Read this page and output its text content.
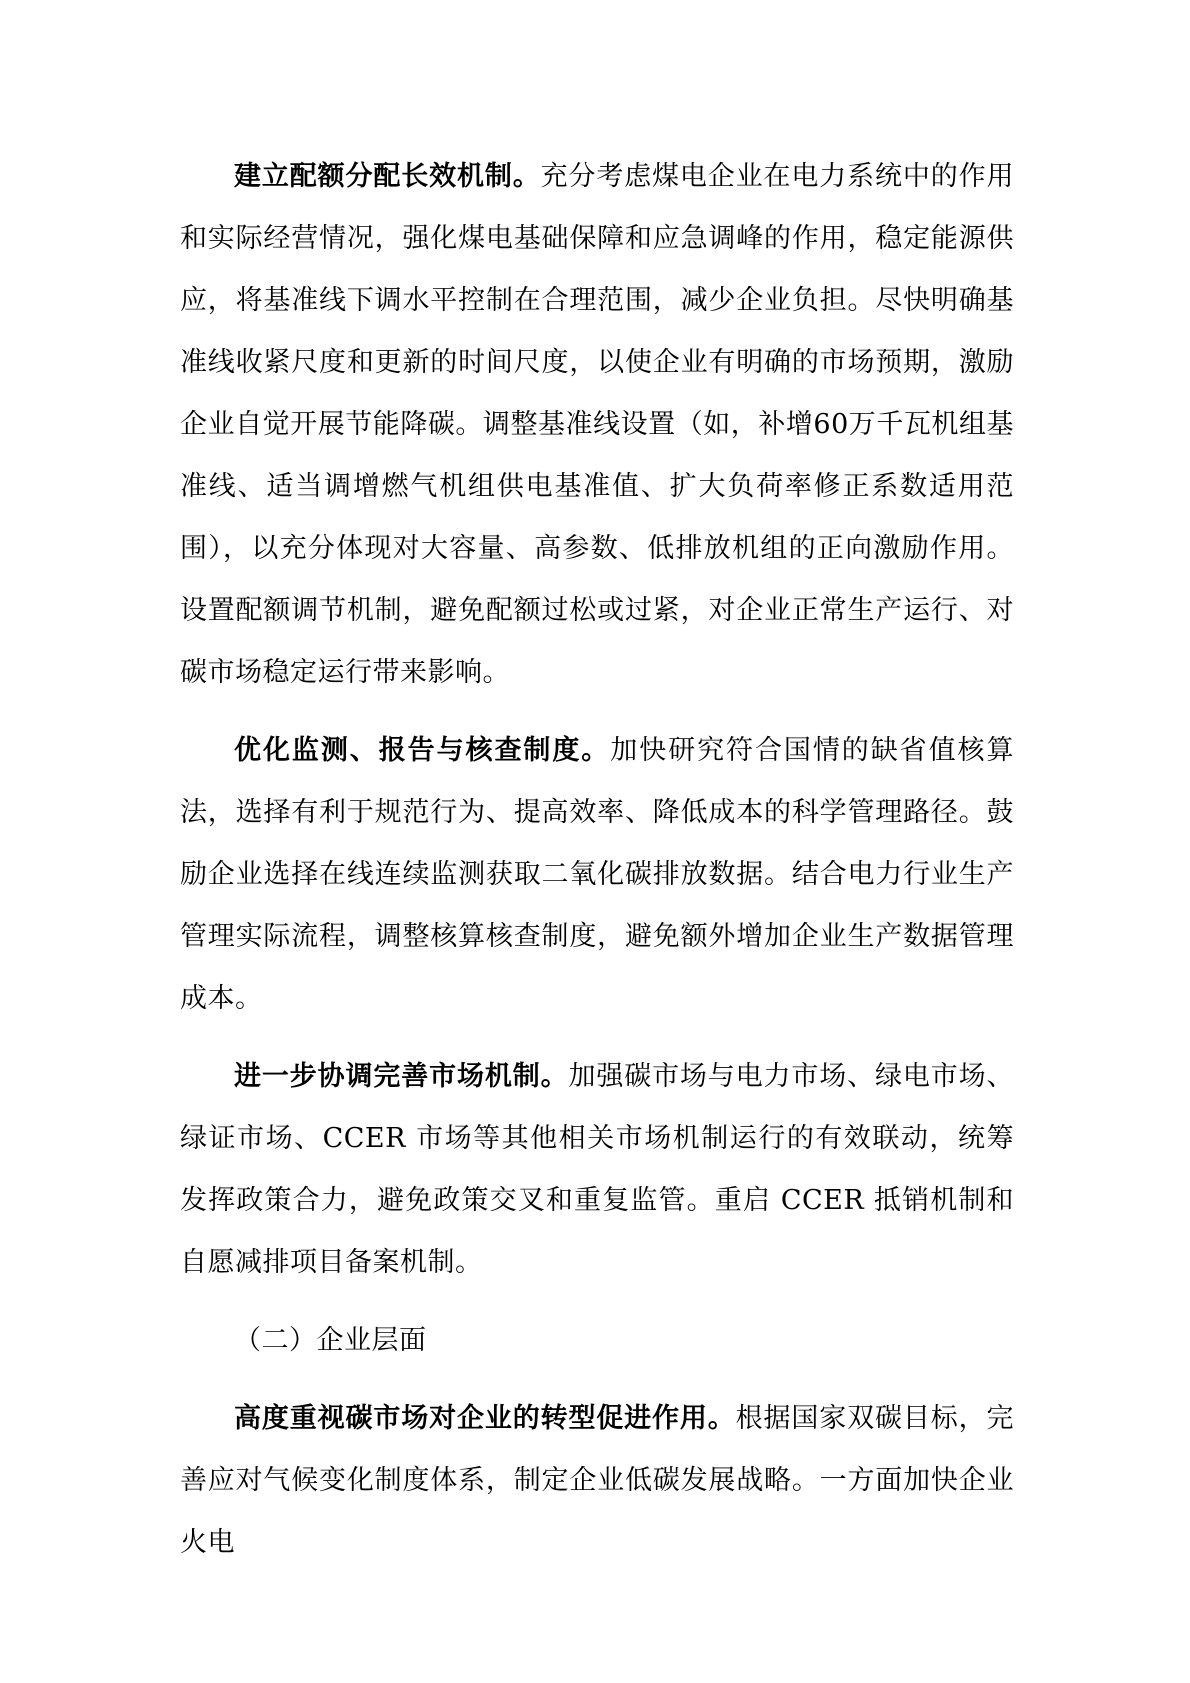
建立配额分配长效机制。充分考虑煤电企业在电力系统中的作用和实际经营情况，强化煤电基础保障和应急调峰的作用，稳定能源供应，将基准线下调水平控制在合理范围，减少企业负担。尽快明确基准线收紧尺度和更新的时间尺度，以使企业有明确的市场预期，激励企业自觉开展节能降碳。调整基准线设置（如，补增60万千瓦机组基准线、适当调增燃气机组供电基准值、扩大负荷率修正系数适用范围），以充分体现对大容量、高参数、低排放机组的正向激励作用。设置配额调节机制，避免配额过松或过紧，对企业正常生产运行、对碳市场稳定运行带来影响。

优化监测、报告与核查制度。加快研究符合国情的缺省值核算法，选择有利于规范行为、提高效率、降低成本的科学管理路径。鼓励企业选择在线连续监测获取二氧化碳排放数据。结合电力行业生产管理实际流程，调整核算核查制度，避免额外增加企业生产数据管理成本。

进一步协调完善市场机制。加强碳市场与电力市场、绿电市场、绿证市场、CCER 市场等其他相关市场机制运行的有效联动，统筹发挥政策合力，避免政策交叉和重复监管。重启 CCER 抵销机制和自愿减排项目备案机制。

（二）企业层面

高度重视碳市场对企业的转型促进作用。根据国家双碳目标，完善应对气候变化制度体系，制定企业低碳发展战略。一方面加快企业火电
